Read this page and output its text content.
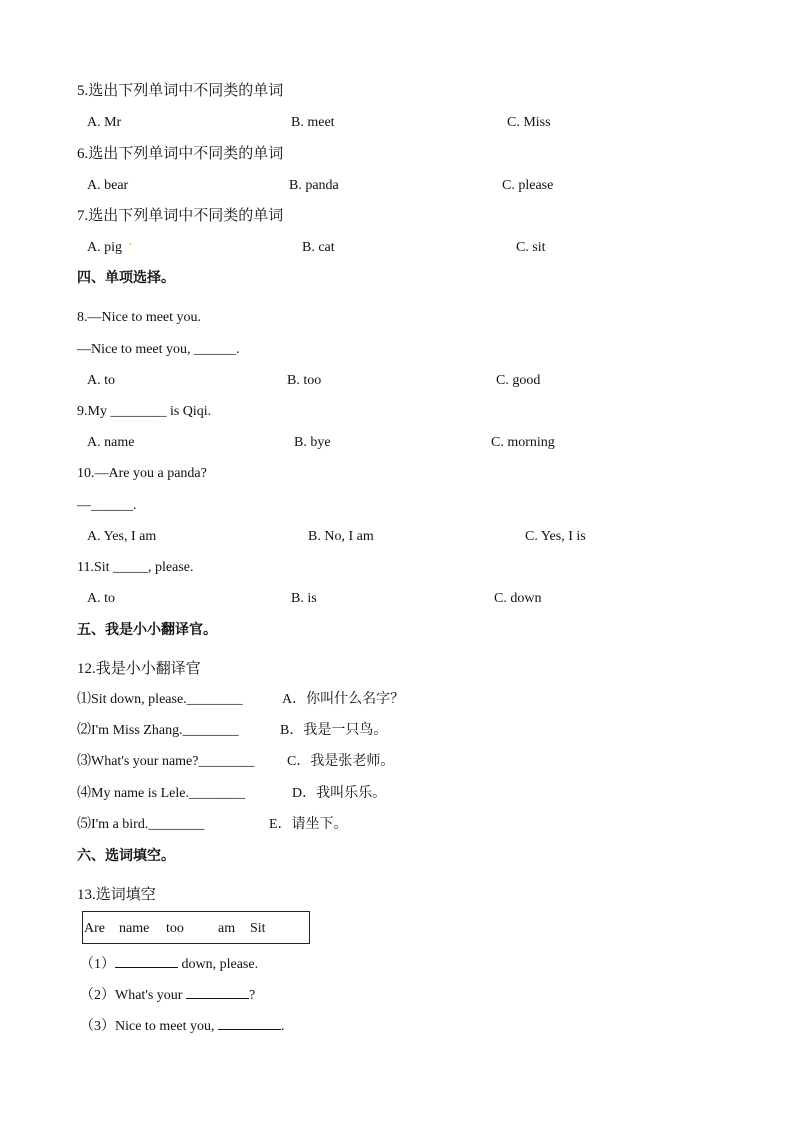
5.选出下列单词中不同类的单词
A. Mr	B. meet	C. Miss
6.选出下列单词中不同类的单词
A. bear	B. panda	C. please
7.选出下列单词中不同类的单词
A. pig ·	B. cat	C. sit
四、单项选择。
8.—Nice to meet you.
—Nice to meet you, ______.
A. to	B. too	C. good
9.My ________ is Qiqi.
A. name	B. bye	C. morning
10.—Are you a panda?
—______.
A. Yes, I am	B. No, I am	C. Yes, I is
11.Sit _____, please.
A. to	B. is	C. down
五、我是小小翻译官。
12.我是小小翻译官
⑴Sit down, please.________	A．你叫什么名字？
⑵I'm Miss Zhang.________	B．我是一只鸟。
⑶What's your name?________ C．我是张老师。
⑷My name is Lele.________	D．我叫乐乐。
⑸I'm a bird.________	E．请坐下。
六、选词填空。
13.选词填空
Are name too am Sit
（1）	down, please.
（2）What's your	?
（3）Nice to meet you,	.
